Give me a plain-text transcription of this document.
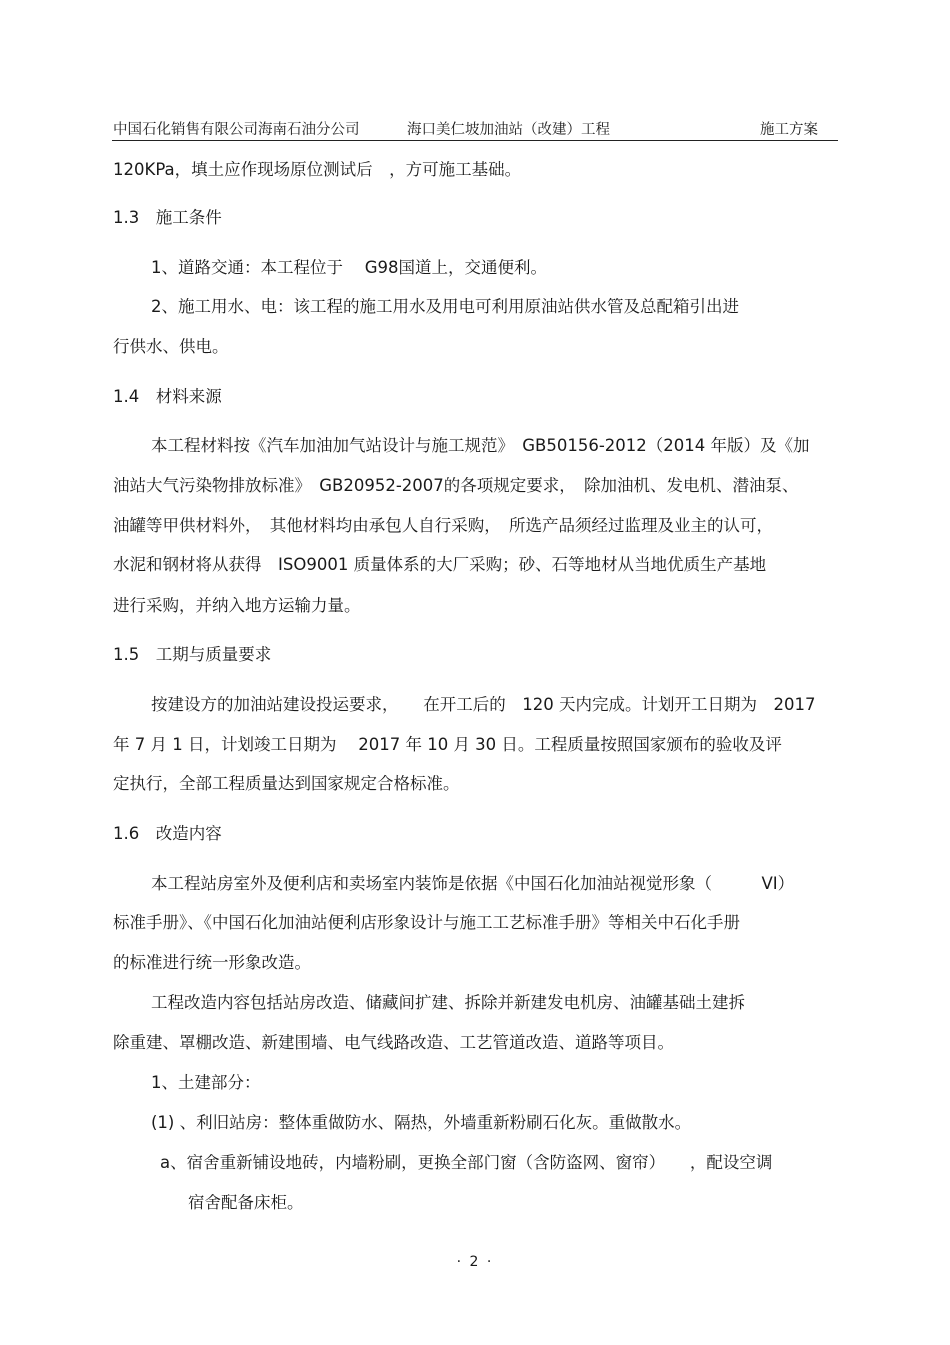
中国石化销售有限公司海南石油分公司	海口美仁坡加油站（改建）工程	施工方案
120KPa，填土应作现场原位测试后　，方可施工基础。
1.3　施工条件
1、道路交通：本工程位于　 G98国道上，交通便利。
2、施工用水、电：该工程的施工用水及用电可利用原油站供水管及总配箱引出进
行供水、供电。
1.4　材料来源
本工程材料按《汽车加油加气站设计与施工规范》　GB50156-2012（2014 年版）及《加
油站大气污染物排放标准》　GB20952-2007的各项规定要求，　除加油机、发电机、潜油泵、
油罐等甲供材料外，　其他材料均由承包人自行采购，　所选产品须经过监理及业主的认可，
水泥和钢材将从获得　ISO9001 质量体系的大厂采购；砂、石等地材从当地优质生产基地
进行采购，并纳入地方运输力量。
1.5　工期与质量要求
按建设方的加油站建设投运要求，　　在开工后的　120 天内完成。计划开工日期为　2017
年 7 月 1 日，计划竣工日期为　 2017 年 10 月 30 日。工程质量按照国家颁布的验收及评
定执行，全部工程质量达到国家规定合格标准。
1.6　改造内容
本工程站房室外及便利店和卖场室内装饰是依据《中国石化加油站视觉形象（　　　VI）
标准手册》、《中国石化加油站便利店形象设计与施工工艺标准手册》等相关中石化手册
的标准进行统一形象改造。
工程改造内容包括站房改造、储藏间扩建、拆除并新建发电机房、油罐基础土建拆
除重建、罩棚改造、新建围墙、电气线路改造、工艺管道改造、道路等项目。
1、土建部分：
(1) 、利旧站房：整体重做防水、隔热，外墙重新粉刷石化灰。重做散水。
a、宿舍重新铺设地砖，内墙粉刷，更换全部门窗（含防盗网、窗帘）　　，配设空调
宿舍配备床柜。
· 2 ·
